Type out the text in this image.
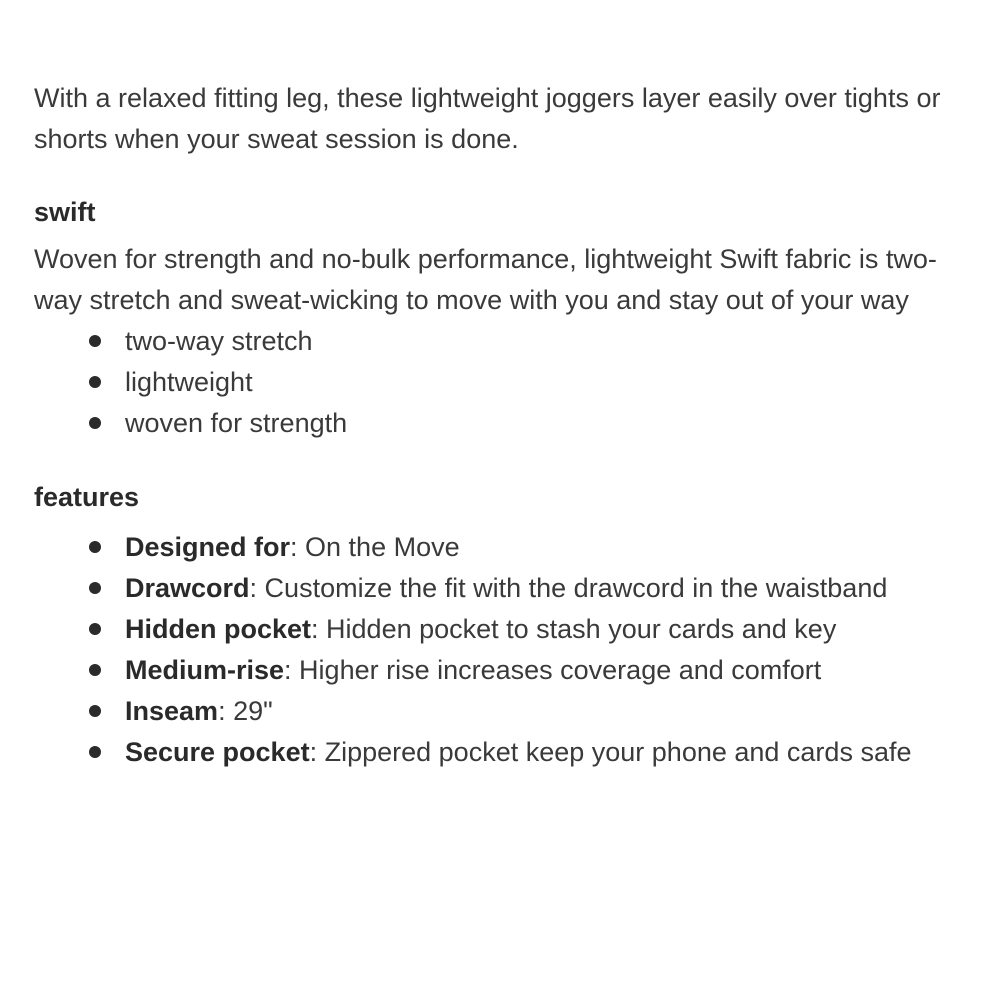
With a relaxed fitting leg, these lightweight joggers layer easily over tights or shorts when your sweat session is done.

swift

Woven for strength and no-bulk performance, lightweight Swift fabric is two-way stretch and sweat-wicking to move with you and stay out of your way

two-way stretch
lightweight
woven for strength
features
Designed for: On the Move
Drawcord: Customize the fit with the drawcord in the waistband
Hidden pocket: Hidden pocket to stash your cards and key
Medium-rise: Higher rise increases coverage and comfort
Inseam: 29"
Secure pocket: Zippered pocket keep your phone and cards safe
